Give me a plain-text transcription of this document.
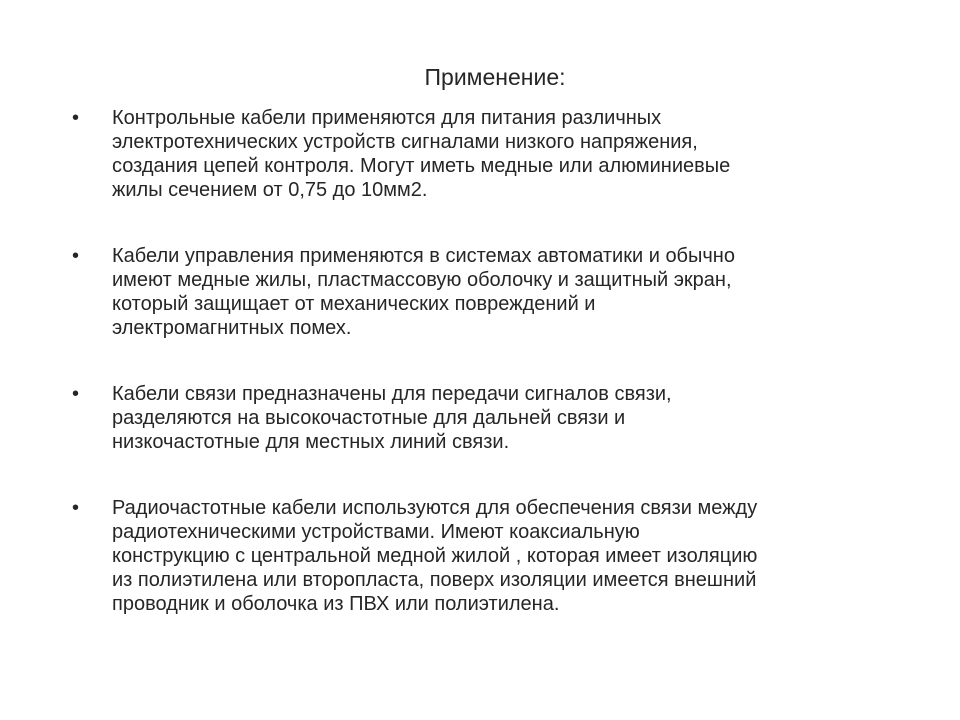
Применение:
•	Контрольные кабели применяются для питания различных
электротехнических устройств сигналами низкого напряжения,
создания цепей контроля. Могут иметь медные или алюминиевые
жилы сечением от 0,75 до 10мм2.
•	Кабели управления применяются в системах автоматики и обычно
имеют медные жилы, пластмассовую оболочку и защитный экран,
который защищает от механических повреждений и
электромагнитных помех.
•	Кабели связи предназначены для передачи сигналов связи,
разделяются на высокочастотные для дальней связи и
низкочастотные для местных линий связи.
•	Радиочастотные кабели используются для обеспечения связи между
радиотехническими устройствами. Имеют коаксиальную
конструкцию с центральной медной жилой , которая имеет изоляцию
из полиэтилена или второпласта, поверх изоляции имеется внешний
проводник и оболочка из ПВХ или полиэтилена.
